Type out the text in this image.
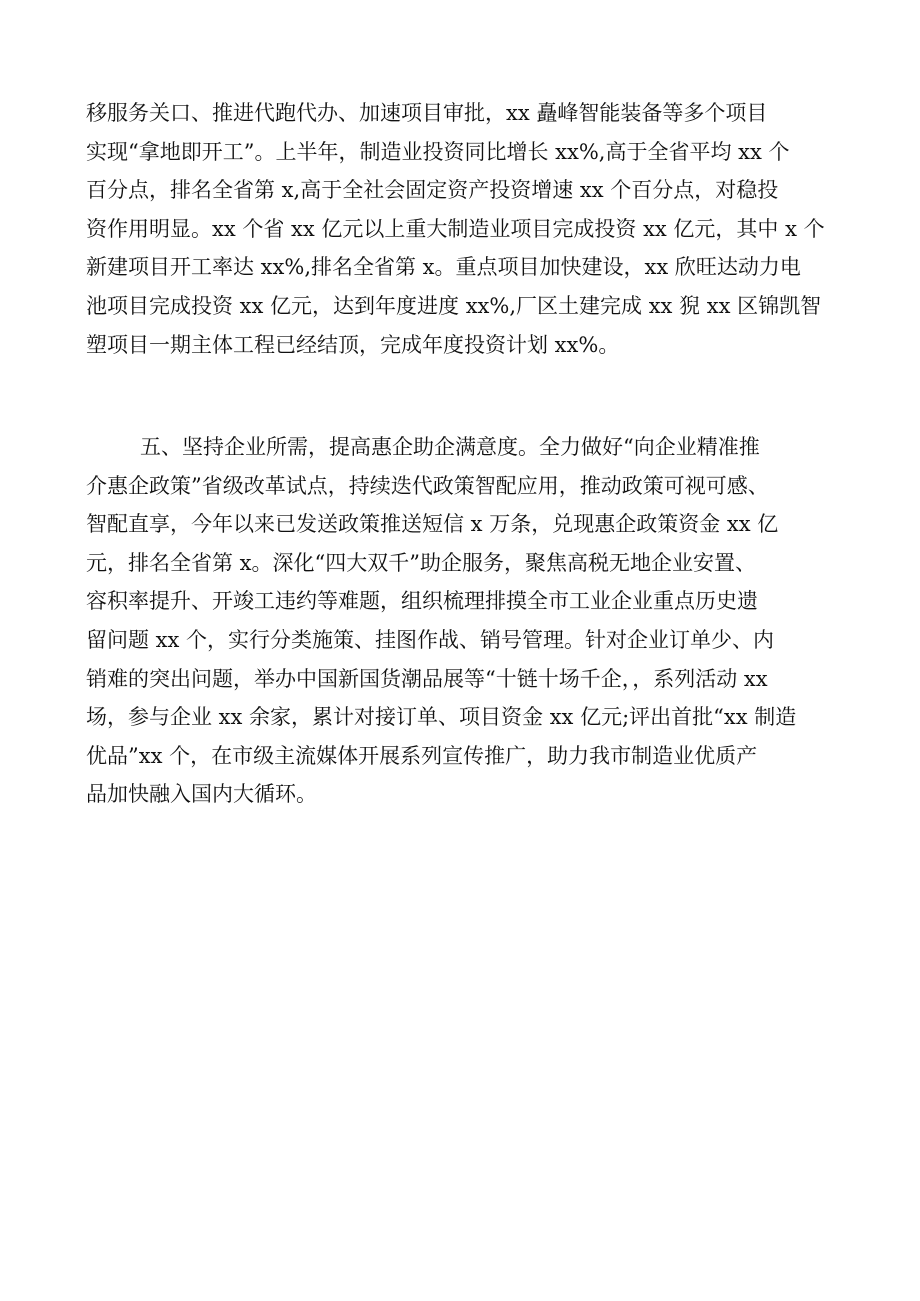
移服务关口、推进代跑代办、加速项目审批，xx 矗峰智能装备等多个项目
实现“拿地即开工”。上半年，制造业投资同比增长 xx%,高于全省平均 xx 个
百分点，排名全省第 x,高于全社会固定资产投资增速 xx 个百分点，对稳投
资作用明显。xx 个省 xx 亿元以上重大制造业项目完成投资 xx 亿元，其中 x 个
新建项目开工率达 xx%,排名全省第 x。重点项目加快建设，xx 欣旺达动力电
池项目完成投资 xx 亿元，达到年度进度 xx%,厂区土建完成 xx 猊 xx 区锦凯智
塑项目一期主体工程已经结顶，完成年度投资计划 xx%。
五、坚持企业所需，提高惠企助企满意度。全力做好“向企业精准推
介惠企政策”省级改革试点，持续迭代政策智配应用，推动政策可视可感、
智配直享，今年以来已发送政策推送短信 x 万条，兑现惠企政策资金 xx 亿
元，排名全省第 x。深化“四大双千”助企服务，聚焦高税无地企业安置、
容积率提升、开竣工违约等难题，组织梳理排摸全市工业企业重点历史遗
留问题 xx 个，实行分类施策、挂图作战、销号管理。针对企业订单少、内
销难的突出问题，举办中国新国货潮品展等“十链十场千企，，系列活动 xx
场，参与企业 xx 余家，累计对接订单、项目资金 xx 亿元;评出首批“xx 制造
优品”xx 个，在市级主流媒体开展系列宣传推广，助力我市制造业优质产
品加快融入国内大循环。
